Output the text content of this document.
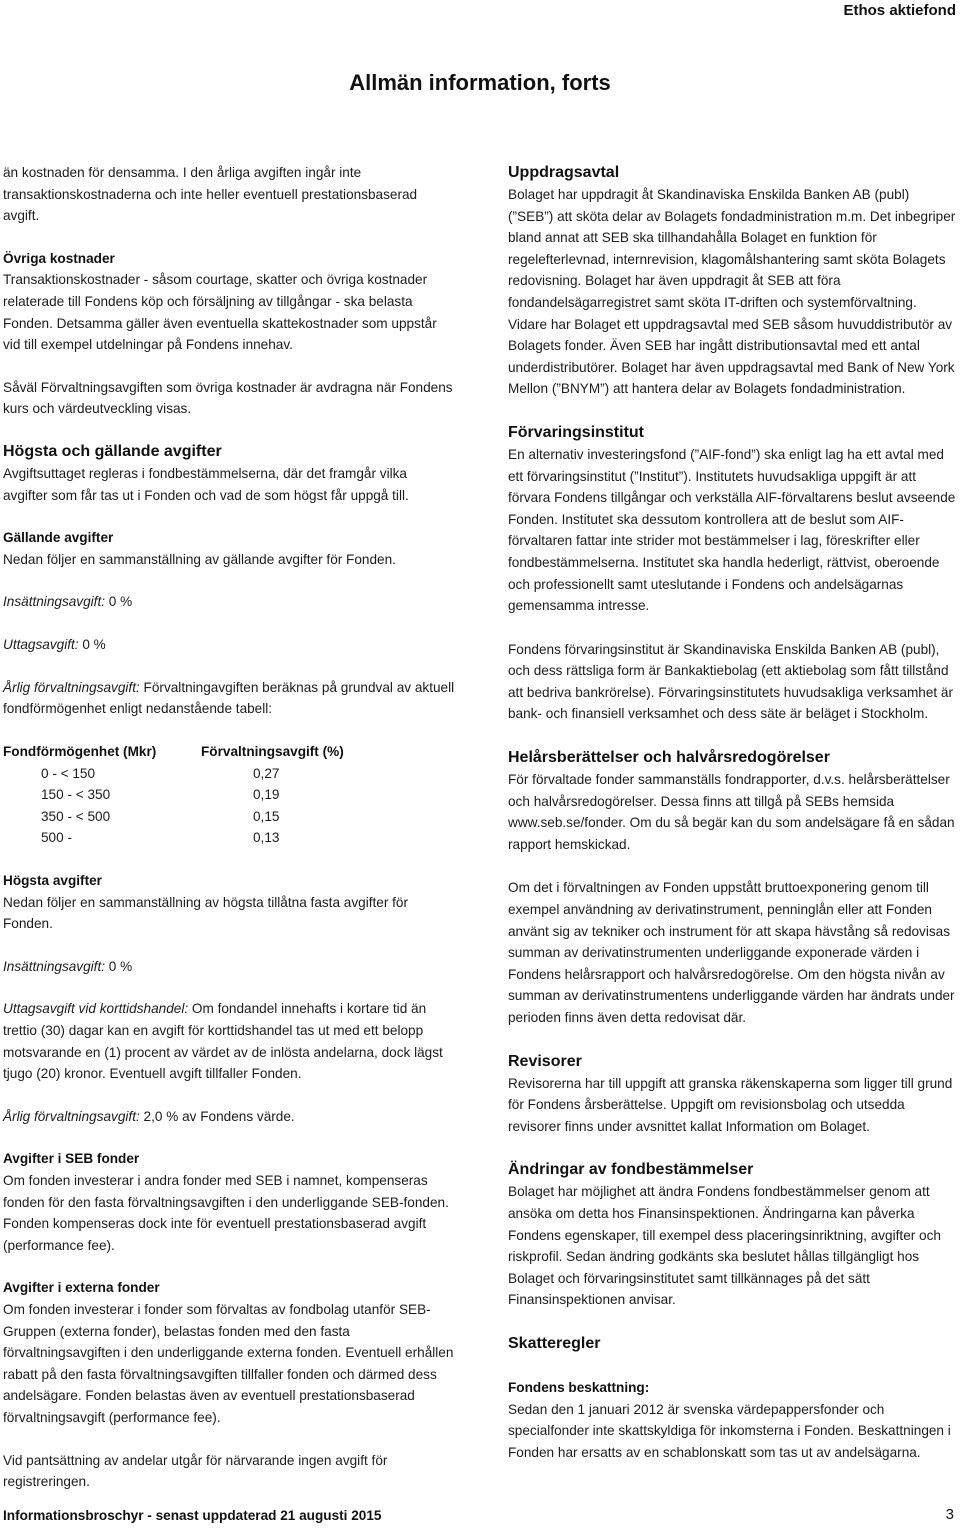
Ethos aktiefond
Allmän information, forts

än kostnaden för densamma. I den årliga avgiften ingår inte transaktionskostnaderna och inte heller eventuell prestationsbaserad avgift.

Övriga kostnader

Transaktionskostnader - såsom courtage, skatter och övriga kostnader relaterade till Fondens köp och försäljning av tillgångar - ska belasta Fonden. Detsamma gäller även eventuella skattekostnader som uppstår vid till exempel utdelningar på Fondens innehav.

Såväl Förvaltningsavgiften som övriga kostnader är avdragna när Fondens kurs och värdeutveckling visas.

Högsta och gällande avgifter

Avgiftsuttaget regleras i fondbestämmelserna, där det framgår vilka avgifter som får tas ut i Fonden och vad de som högst får uppgå till.

Gällande avgifter

Nedan följer en sammanställning av gällande avgifter för Fonden.

Insättningsavgift: 0 %

Uttagsavgift: 0 %

Årlig förvaltningsavgift: Förvaltningavgiften beräknas på grundval av aktuell fondförmögenhet enligt nedanstående tabell:

Fondförmögenhet (Mkr)	Förvaltningsavgift (%)
0 - < 150	0,27
150 - < 350	0,19
350 - < 500	0,15
500 -	0,13

Högsta avgifter

Nedan följer en sammanställning av högsta tillåtna fasta avgifter för Fonden.

Insättningsavgift: 0 %

Uttagsavgift vid korttidshandel: Om fondandel innehafts i kortare tid än trettio (30) dagar kan en avgift för korttidshandel tas ut med ett belopp motsvarande en (1) procent av värdet av de inlösta andelarna, dock lägst tjugo (20) kronor. Eventuell avgift tillfaller Fonden.

Årlig förvaltningsavgift: 2,0 % av Fondens värde.

Avgifter i SEB fonder

Om fonden investerar i andra fonder med SEB i namnet, kompenseras fonden för den fasta förvaltningsavgiften i den underliggande SEB-fonden. Fonden kompenseras dock inte för eventuell prestationsbaserad avgift (performance fee).

Avgifter i externa fonder

Om fonden investerar i fonder som förvaltas av fondbolag utanför SEB-Gruppen (externa fonder), belastas fonden med den fasta förvaltningsavgiften i den underliggande externa fonden. Eventuell erhållen rabatt på den fasta förvaltningsavgiften tillfaller fonden och därmed dess andelsägare. Fonden belastas även av eventuell prestationsbaserad förvaltningsavgift (performance fee).

Vid pantsättning av andelar utgår för närvarande ingen avgift för registreringen.

Uppdragsavtal

Bolaget har uppdragit åt Skandinaviska Enskilda Banken AB (publ) (”SEB”) att sköta delar av Bolagets fondadministration m.m. Det inbegriper bland annat att SEB ska tillhandahålla Bolaget en funktion för regelefterlevnad, internrevision, klagomålshantering samt sköta Bolagets redovisning. Bolaget har även uppdragit åt SEB att föra fondandelsägarregistret samt sköta IT-driften och systemförvaltning. Vidare har Bolaget ett uppdragsavtal med SEB såsom huvuddistributör av Bolagets fonder. Även SEB har ingått distributionsavtal med ett antal underdistributörer. Bolaget har även uppdragsavtal med Bank of New York Mellon (”BNYM”) att hantera delar av Bolagets fondadministration.

Förvaringsinstitut

En alternativ investeringsfond (”AIF-fond”) ska enligt lag ha ett avtal med ett förvaringsinstitut (”Institut”). Institutets huvudsakliga uppgift är att förvara Fondens tillgångar och verkställa AIF-förvaltarens beslut avseende Fonden. Institutet ska dessutom kontrollera att de beslut som AIF-förvaltaren fattar inte strider mot bestämmelser i lag, föreskrifter eller fondbestämmelserna. Institutet ska handla hederligt, rättvist, oberoende och professionellt samt uteslutande i Fondens och andelsägarnas gemensamma intresse.

Fondens förvaringsinstitut är Skandinaviska Enskilda Banken AB (publ), och dess rättsliga form är Bankaktiebolag (ett aktiebolag som fått tillstånd att bedriva bankrörelse). Förvaringsinstitutets huvudsakliga verksamhet är bank- och finansiell verksamhet och dess säte är beläget i Stockholm.

Helårsberättelser och halvårsredogörelser

För förvaltade fonder sammanställs fondrapporter, d.v.s. helårsberättelser och halvårsredogörelser. Dessa finns att tillgå på SEBs hemsida www.seb.se/fonder. Om du så begär kan du som andelsägare få en sådan rapport hemskickad.

Om det i förvaltningen av Fonden uppstått bruttoexponering genom till exempel användning av derivatinstrument, penninglån eller att Fonden använt sig av tekniker och instrument för att skapa hävstång så redovisas summan av derivatinstrumenten underliggande exponerade värden i Fondens helårsrapport och halvårsredogörelse. Om den högsta nivån av summan av derivatinstrumentens underliggande värden har ändrats under perioden finns även detta redovisat där.

Revisorer

Revisorerna har till uppgift att granska räkenskaperna som ligger till grund för Fondens årsberättelse. Uppgift om revisionsbolag och utsedda revisorer finns under avsnittet kallat Information om Bolaget.

Ändringar av fondbestämmelser

Bolaget har möjlighet att ändra Fondens fondbestämmelser genom att ansöka om detta hos Finansinspektionen. Ändringarna kan påverka Fondens egenskaper, till exempel dess placeringsinriktning, avgifter och riskprofil. Sedan ändring godkänts ska beslutet hållas tillgängligt hos Bolaget och förvaringsinstitutet samt tillkännages på det sätt Finansinspektionen anvisar.

Skatteregler

Fondens beskattning:

Sedan den 1 januari 2012 är svenska värdepappersfonder och specialfonder inte skattskyldiga för inkomsterna i Fonden. Beskattningen i Fonden har ersatts av en schablonskatt som tas ut av andelsägarna.

Informationsbroschyr - senast uppdaterad 21 augusti 2015	3
